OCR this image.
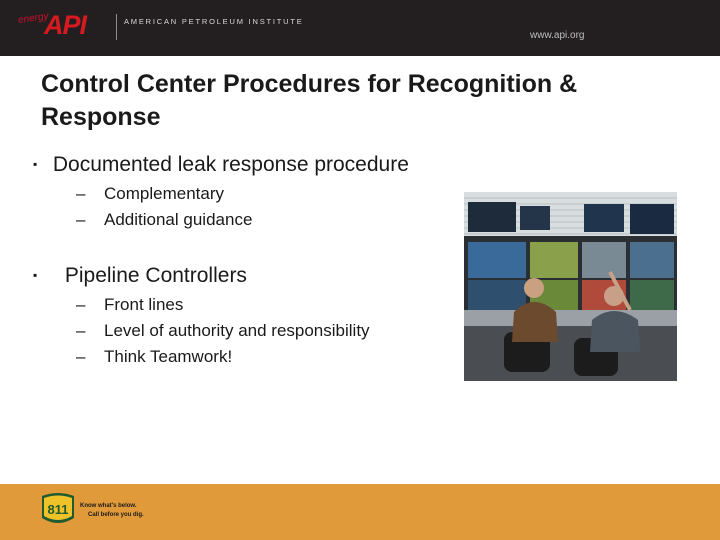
energy
API	AMERICAN PETROLEUM INSTITUTE
www.api.org
Control Center Procedures for Recognition &
Response
▪ Documented leak response procedure
– Complementary
– Additional guidance
▪ Pipeline Controllers
– Front lines
– Level of authority and responsibility
– Think Teamwork!
811 Know what's below.
Call before you dig.
